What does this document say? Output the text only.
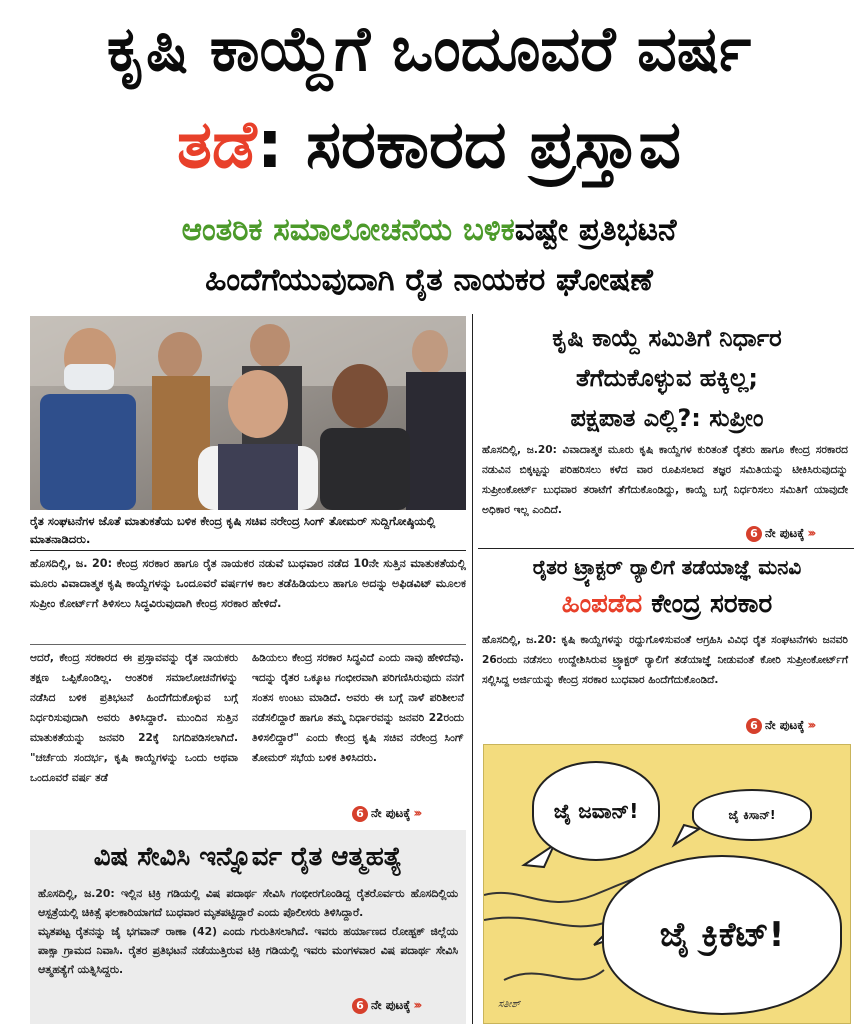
ಕೃಷಿ ಕಾಯ್ದೆಗೆ ಒಂದೂವರೆ ವರ್ಷ
ತಡೆ: ಸರಕಾರದ ಪ್ರಸ್ತಾವ
ಆಂತರಿಕ ಸಮಾಲೋಚನೆಯ ಬಳಿಕವಷ್ಟೇ ಪ್ರತಿಭಟನೆ
ಹಿಂದೆಗೆಯುವುದಾಗಿ ರೈತ ನಾಯಕರ ಘೋಷಣೆ
ರೈತ ಸಂಘಟನೆಗಳ ಜೊತೆ ಮಾತುಕತೆಯ ಬಳಿಕ ಕೇಂದ್ರ ಕೃಷಿ ಸಚಿವ ನರೇಂದ್ರ ಸಿಂಗ್ ತೋಮರ್ ಸುದ್ದಿಗೋಷ್ಠಿಯಲ್ಲಿ ಮಾತನಾಡಿದರು.
ಹೊಸದಿಲ್ಲಿ, ಜ. 20: ಕೇಂದ್ರ ಸರಕಾರ ಹಾಗೂ ರೈತ ನಾಯಕರ ನಡುವೆ ಬುಧವಾರ ನಡೆದ 10ನೇ ಸುತ್ತಿನ ಮಾತುಕತೆಯಲ್ಲಿ ಮೂರು ವಿವಾದಾತ್ಮಕ ಕೃಷಿ ಕಾಯ್ದೆಗಳನ್ನು ಒಂದೂವರೆ ವರ್ಷಗಳ ಕಾಲ ತಡೆಹಿಡಿಯಲು ಹಾಗೂ ಅದನ್ನು ಅಫಿಡವಿಟ್ ಮೂಲಕ ಸುಪ್ರೀಂ ಕೋರ್ಟ್‌ಗೆ ತಿಳಿಸಲು ಸಿದ್ಧವಿರುವುದಾಗಿ ಕೇಂದ್ರ ಸರಕಾರ ಹೇಳಿದೆ.
ಆದರೆ, ಕೇಂದ್ರ ಸರಕಾರದ ಈ ಪ್ರಸ್ತಾವವನ್ನು ರೈತ ನಾಯಕರು ತಕ್ಷಣ ಒಪ್ಪಿಕೊಂಡಿಲ್ಲ. ಆಂತರಿಕ ಸಮಾಲೋಚನೆಗಳನ್ನು ನಡೆಸಿದ ಬಳಿಕ ಪ್ರತಿಭಟನೆ ಹಿಂದೆಗೆದುಕೊಳ್ಳುವ ಬಗ್ಗೆ ನಿರ್ಧರಿಸುವುದಾಗಿ ಅವರು ತಿಳಿಸಿದ್ದಾರೆ. ಮುಂದಿನ ಸುತ್ತಿನ ಮಾತುಕತೆಯನ್ನು ಜನವರಿ 22ಕ್ಕೆ ನಿಗದಿಪಡಿಸಲಾಗಿದೆ. "ಚರ್ಚೆಯ ಸಂದರ್ಭ, ಕೃಷಿ ಕಾಯ್ದೆಗಳನ್ನು ಒಂದು ಅಥವಾ ಒಂದೂವರೆ ವರ್ಷ ತಡೆ
ಹಿಡಿಯಲು ಕೇಂದ್ರ ಸರಕಾರ ಸಿದ್ಧವಿದೆ ಎಂದು ನಾವು ಹೇಳಿದೆವು. ಇದನ್ನು ರೈತರ ಒಕ್ಕೂಟ ಗಂಭೀರವಾಗಿ ಪರಿಗಣಿಸಿರುವುದು ನನಗೆ ಸಂತಸ ಉಂಟು ಮಾಡಿದೆ. ಅವರು ಈ ಬಗ್ಗೆ ನಾಳೆ ಪರಿಶೀಲನೆ ನಡೆಸಲಿದ್ದಾರೆ ಹಾಗೂ ತಮ್ಮ ನಿರ್ಧಾರವನ್ನು ಜನವರಿ 22ರಂದು ತಿಳಿಸಲಿದ್ದಾರೆ" ಎಂದು ಕೇಂದ್ರ ಕೃಷಿ ಸಚಿವ ನರೇಂದ್ರ ಸಿಂಗ್ ತೋಮರ್ ಸಭೆಯ ಬಳಿಕ ತಿಳಿಸಿದರು.
6 ನೇ ಪುಟಕ್ಕೆ ›››
ವಿಷ ಸೇವಿಸಿ ಇನ್ನೊರ್ವ ರೈತ ಆತ್ಮಹತ್ಯೆ
ಹೊಸದಿಲ್ಲಿ, ಜ.20: ಇಲ್ಲಿನ ಟಿಕ್ರಿ ಗಡಿಯಲ್ಲಿ ವಿಷ ಪದಾರ್ಥ ಸೇವಿಸಿ ಗಂಭೀರಗೊಂಡಿದ್ದ ರೈತರೊರ್ವರು ಹೊಸದಿಲ್ಲಿಯ ಆಸ್ಪತ್ರೆಯಲ್ಲಿ ಚಿಕಿತ್ಸೆ ಫಲಕಾರಿಯಾಗದೆ ಬುಧವಾರ ಮೃತಪಟ್ಟಿದ್ದಾರೆ ಎಂದು ಪೊಲೀಸರು ತಿಳಿಸಿದ್ದಾರೆ.
ಮೃತಪಟ್ಟ ರೈತನನ್ನು ಜೈ ಭಗವಾನ್ ರಾಣಾ (42) ಎಂದು ಗುರುತಿಸಲಾಗಿದೆ. ಇವರು ಹರ್ಯಾಣದ ರೋಹ್ಟಕ್ ಜಿಲ್ಲೆಯ ಪಾಕ್ಸಾ ಗ್ರಾಮದ ನಿವಾಸಿ. ರೈತರ ಪ್ರತಿಭಟನೆ ನಡೆಯುತ್ತಿರುವ ಟಿಕ್ರಿ ಗಡಿಯಲ್ಲಿ ಇವರು ಮಂಗಳವಾರ ವಿಷ ಪದಾರ್ಥ ಸೇವಿಸಿ ಆತ್ಮಹತ್ಯೆಗೆ ಯತ್ನಿಸಿದ್ದರು.
6 ನೇ ಪುಟಕ್ಕೆ ›››
ಕೃಷಿ ಕಾಯ್ದೆ ಸಮಿತಿಗೆ ನಿರ್ಧಾರ
ತೆಗೆದುಕೊಳ್ಳುವ ಹಕ್ಕಿಲ್ಲ;
ಪಕ್ಷಪಾತ ಎಲ್ಲಿ?: ಸುಪ್ರೀಂ
ಹೊಸದಿಲ್ಲಿ, ಜ.20: ವಿವಾದಾತ್ಮಕ ಮೂರು ಕೃಷಿ ಕಾಯ್ದೆಗಳ ಕುರಿತಂತೆ ರೈತರು ಹಾಗೂ ಕೇಂದ್ರ ಸರಕಾರದ ನಡುವಿನ ಬಿಕ್ಕಟ್ಟನ್ನು ಪರಿಹರಿಸಲು ಕಳೆದ ವಾರ ರೂಪಿಸಲಾದ ತಜ್ಞರ ಸಮಿತಿಯನ್ನು ಟೀಕಿಸಿರುವುದನ್ನು ಸುಪ್ರೀಂಕೋರ್ಟ್ ಬುಧವಾರ ತರಾಟೆಗೆ ತೆಗೆದುಕೊಂಡಿದ್ದು, ಕಾಯ್ದೆ ಬಗ್ಗೆ ನಿರ್ಧರಿಸಲು ಸಮಿತಿಗೆ ಯಾವುದೇ ಅಧಿಕಾರ ಇಲ್ಲ ಎಂದಿದೆ.
6 ನೇ ಪುಟಕ್ಕೆ ›››
ರೈತರ ಟ್ರ್ಯಾಕ್ಟರ್ ರ್‍ಯಾಲಿಗೆ ತಡೆಯಾಜ್ಞೆ ಮನವಿ
ಹಿಂಪಡೆದ ಕೇಂದ್ರ ಸರಕಾರ
ಹೊಸದಿಲ್ಲಿ, ಜ.20: ಕೃಷಿ ಕಾಯ್ದೆಗಳನ್ನು ರದ್ದುಗೊಳಿಸುವಂತೆ ಆಗ್ರಹಿಸಿ ವಿವಿಧ ರೈತ ಸಂಘಟನೆಗಳು ಜನವರಿ 26ರಂದು ನಡೆಸಲು ಉದ್ದೇಶಿಸಿರುವ ಟ್ರ್ಯಾಕ್ಟರ್ ರ್‍ಯಾಲಿಗೆ ತಡೆಯಾಜ್ಞೆ ನೀಡುವಂತೆ ಕೋರಿ ಸುಪ್ರೀಂಕೋರ್ಟ್‌ಗೆ ಸಲ್ಲಿಸಿದ್ದ ಅರ್ಜಿಯನ್ನು ಕೇಂದ್ರ ಸರಕಾರ ಬುಧವಾರ ಹಿಂದೆಗೆದುಕೊಂಡಿದೆ.
6 ನೇ ಪುಟಕ್ಕೆ ›››
ಜೈ ಜವಾನ್!	ಜೈ ಕಿಸಾನ್!
ಜೈ ಕ್ರಿಕೆಟ್!
ಸತೀಶ್
